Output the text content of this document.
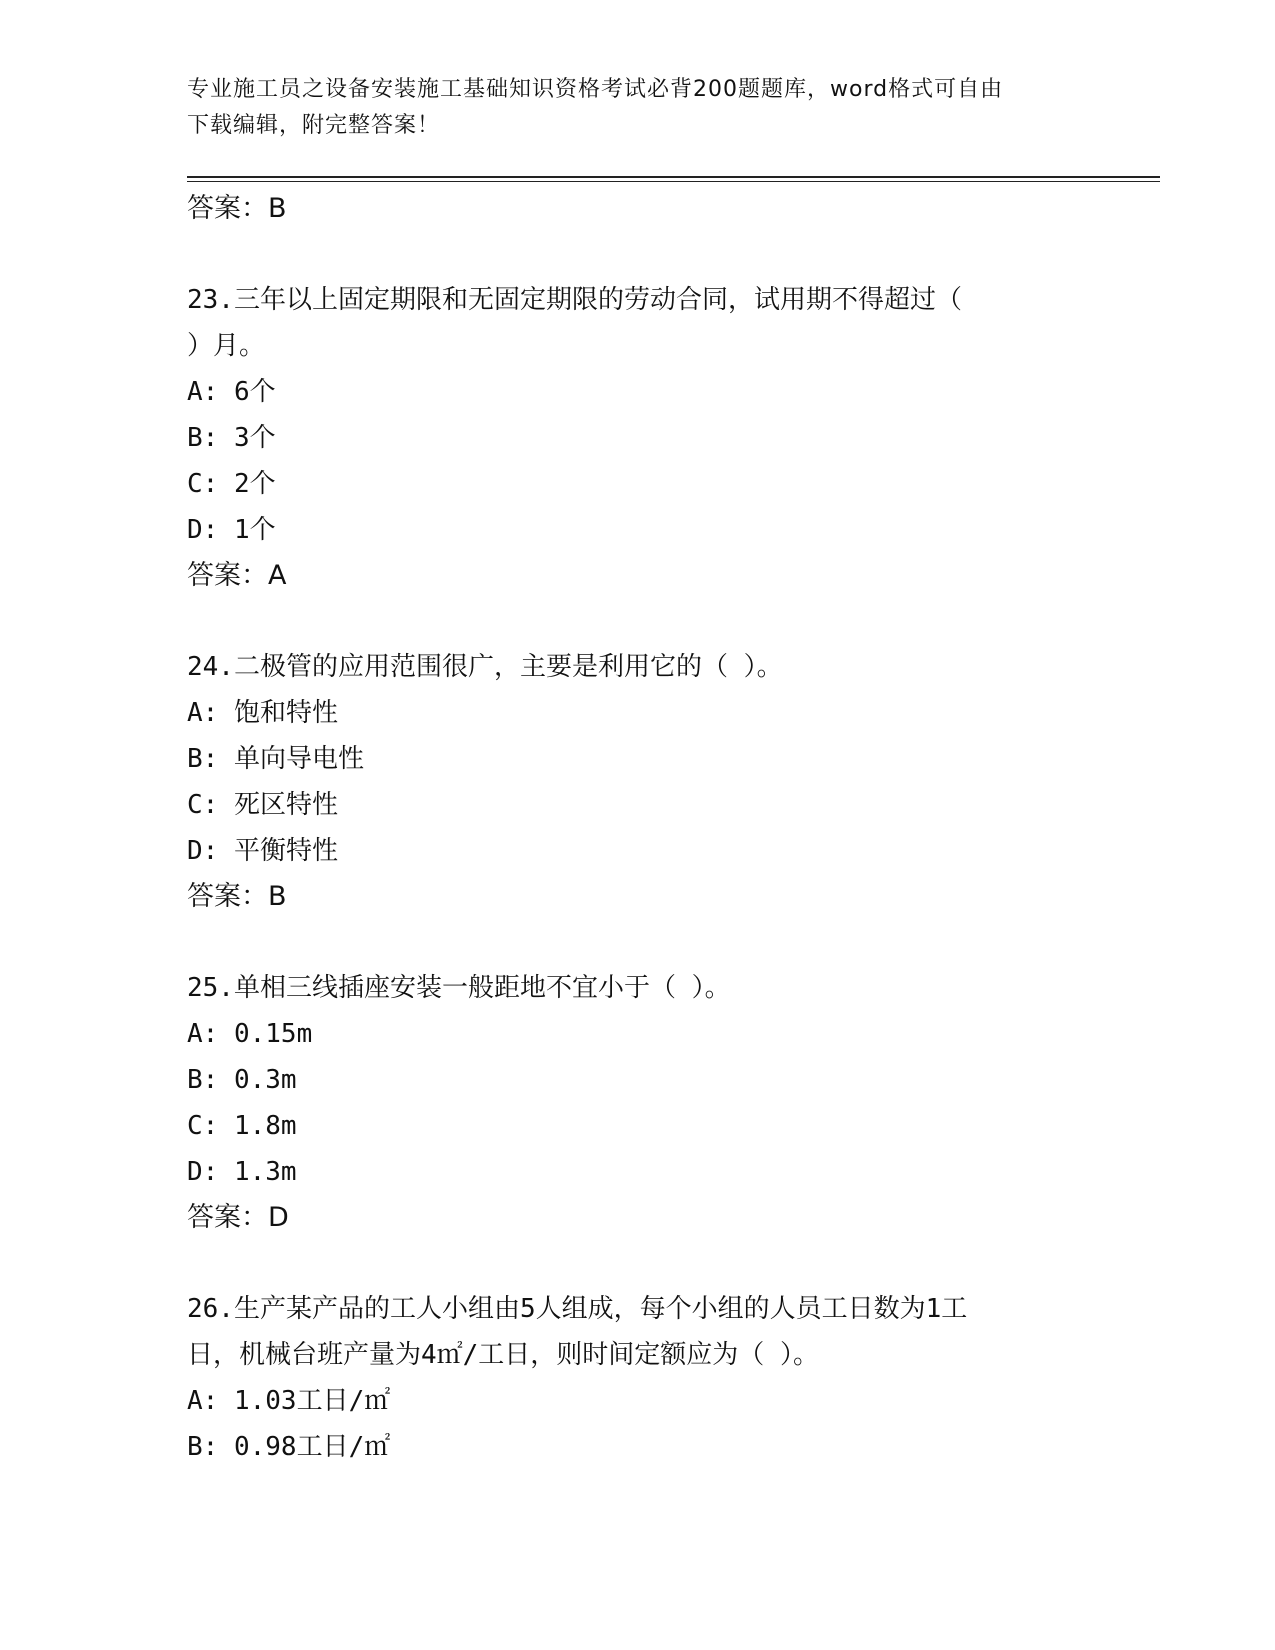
专业施工员之设备安装施工基础知识资格考试必背200题题库，word格式可自由
下载编辑，附完整答案！
答案：B
23.三年以上固定期限和无固定期限的劳动合同，试用期不得超过（
）月。
A: 6个
B: 3个
C: 2个
D: 1个
答案：A
24.二极管的应用范围很广，主要是利用它的（ ）。
A: 饱和特性
B: 单向导电性
C: 死区特性
D: 平衡特性
答案：B
25.单相三线插座安装一般距地不宜小于（ ）。
A: 0.15m
B: 0.3m
C: 1.8m
D: 1.3m
答案：D
26.生产某产品的工人小组由5人组成，每个小组的人员工日数为1工
日，机械台班产量为4㎡/工日，则时间定额应为（ ）。
A: 1.03工日/㎡
B: 0.98工日/㎡
